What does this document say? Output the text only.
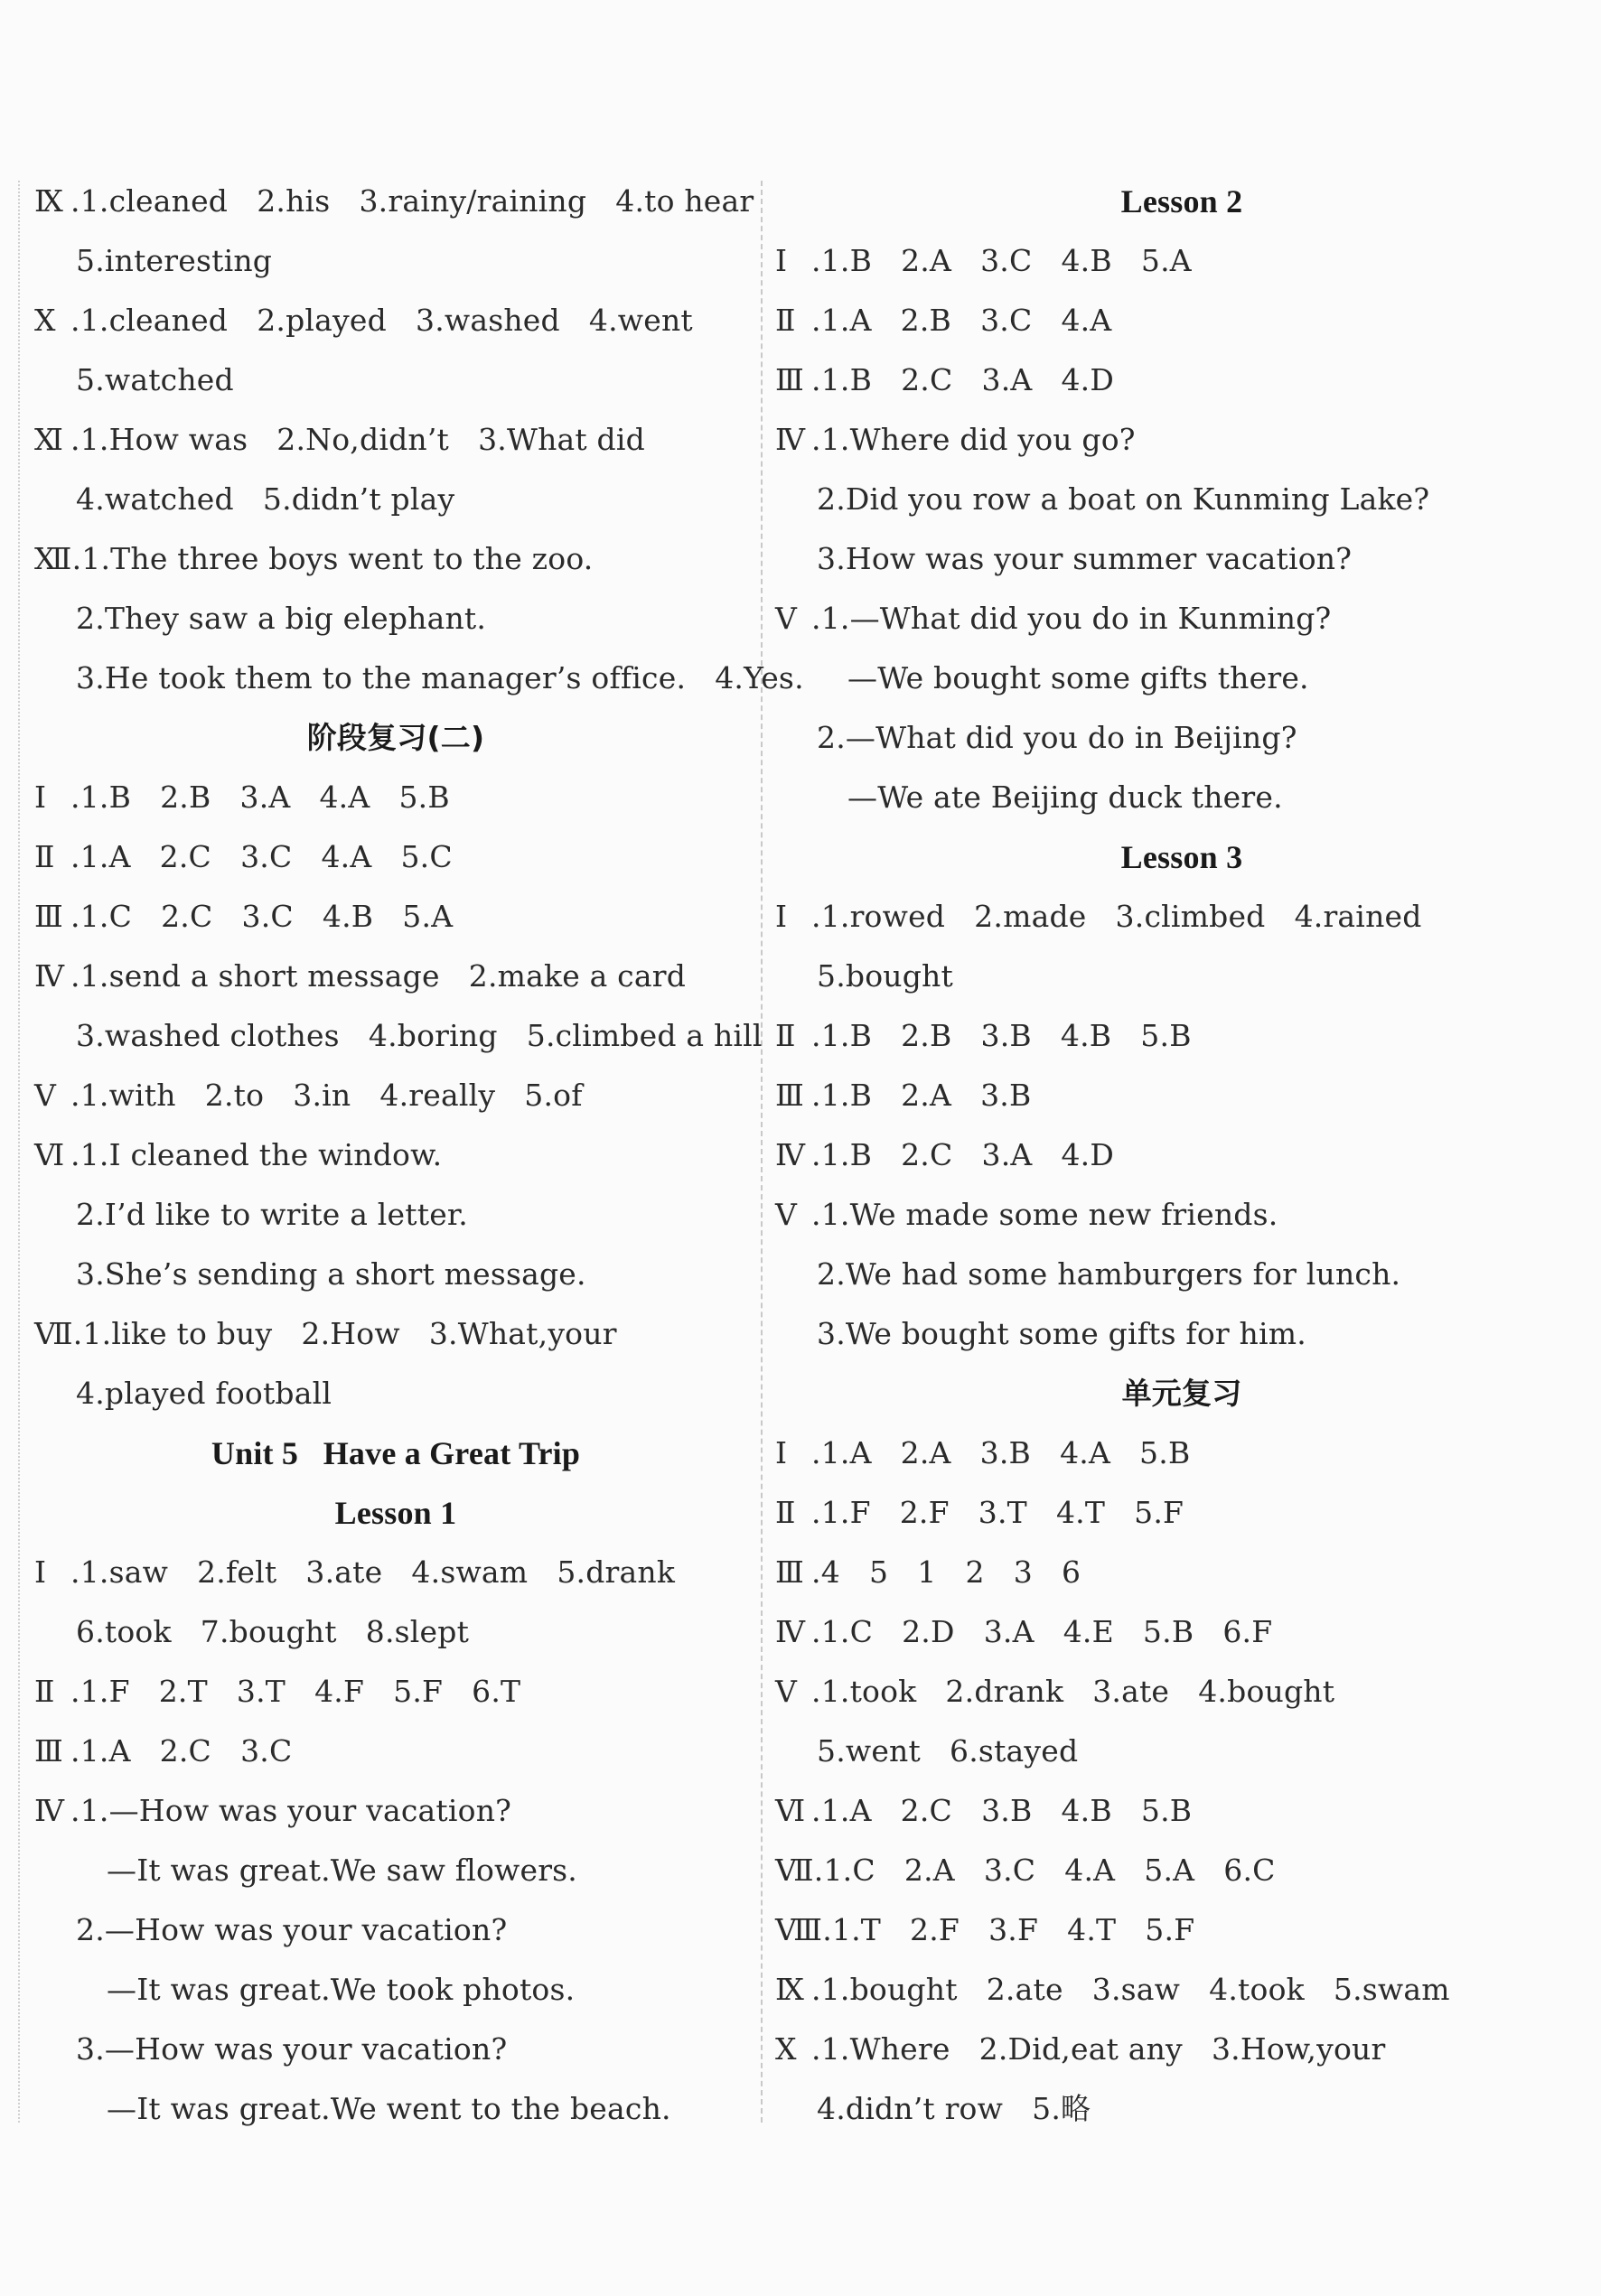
Ⅸ .1.cleaned   2.his   3.rainy/raining   4.to hear
5.interesting
Ⅹ .1.cleaned   2.played   3.washed   4.went
5.watched
Ⅺ .1.How was   2.No,didn’t   3.What did
4.watched   5.didn’t play
Ⅻ.1.The three boys went to the zoo.
2.They saw a big elephant.
3.He took them to the manager’s office.   4.Yes.
阶段复习(二)
Ⅰ .1.B   2.B   3.A   4.A   5.B
Ⅱ .1.A   2.C   3.C   4.A   5.C
Ⅲ .1.C   2.C   3.C   4.B   5.A
Ⅳ .1.send a short message   2.make a card
3.washed clothes   4.boring   5.climbed a hill
Ⅴ .1.with   2.to   3.in   4.really   5.of
Ⅵ .1.I cleaned the window.
2.I’d like to write a letter.
3.She’s sending a short message.
Ⅶ.1.like to buy   2.How   3.What,your
4.played football
Unit 5   Have a Great Trip
Lesson 1
Ⅰ .1.saw   2.felt   3.ate   4.swam   5.drank
6.took   7.bought   8.slept
Ⅱ .1.F   2.T   3.T   4.F   5.F   6.T
Ⅲ .1.A   2.C   3.C
Ⅳ .1.—How was your vacation?
—It was great.We saw flowers.
2.—How was your vacation?
—It was great.We took photos.
3.—How was your vacation?
—It was great.We went to the beach.
Lesson 2
Ⅰ .1.B   2.A   3.C   4.B   5.A
Ⅱ .1.A   2.B   3.C   4.A
Ⅲ .1.B   2.C   3.A   4.D
Ⅳ .1.Where did you go?
2.Did you row a boat on Kunming Lake?
3.How was your summer vacation?
Ⅴ .1.—What did you do in Kunming?
—We bought some gifts there.
2.—What did you do in Beijing?
—We ate Beijing duck there.
Lesson 3
Ⅰ .1.rowed   2.made   3.climbed   4.rained
5.bought
Ⅱ .1.B   2.B   3.B   4.B   5.B
Ⅲ .1.B   2.A   3.B
Ⅳ .1.B   2.C   3.A   4.D
Ⅴ .1.We made some new friends.
2.We had some hamburgers for lunch.
3.We bought some gifts for him.
单元复习
Ⅰ .1.A   2.A   3.B   4.A   5.B
Ⅱ .1.F   2.F   3.T   4.T   5.F
Ⅲ .4   5   1   2   3   6
Ⅳ .1.C   2.D   3.A   4.E   5.B   6.F
Ⅴ .1.took   2.drank   3.ate   4.bought
5.went   6.stayed
Ⅵ .1.A   2.C   3.B   4.B   5.B
Ⅶ.1.C   2.A   3.C   4.A   5.A   6.C
Ⅷ.1.T   2.F   3.F   4.T   5.F
Ⅸ .1.bought   2.ate   3.saw   4.took   5.swam
Ⅹ .1.Where   2.Did,eat any   3.How,your
4.didn’t row   5.略
